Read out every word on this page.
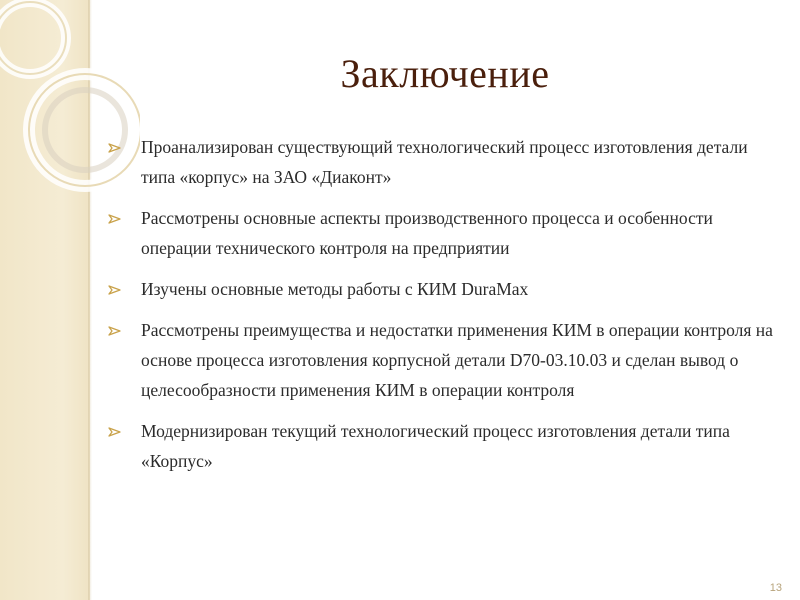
Заключение
Проанализирован существующий технологический процесс изготовления детали типа «корпус» на ЗАО «Диаконт»
Рассмотрены основные аспекты производственного процесса и особенности операции технического контроля на предприятии
Изучены основные методы работы с КИМ DuraMax
Рассмотрены преимущества и недостатки применения КИМ в операции контроля на основе процесса изготовления корпусной детали D70-03.10.03 и сделан вывод о целесообразности применения КИМ в операции контроля
Модернизирован текущий технологический процесс изготовления детали типа «Корпус»
13
